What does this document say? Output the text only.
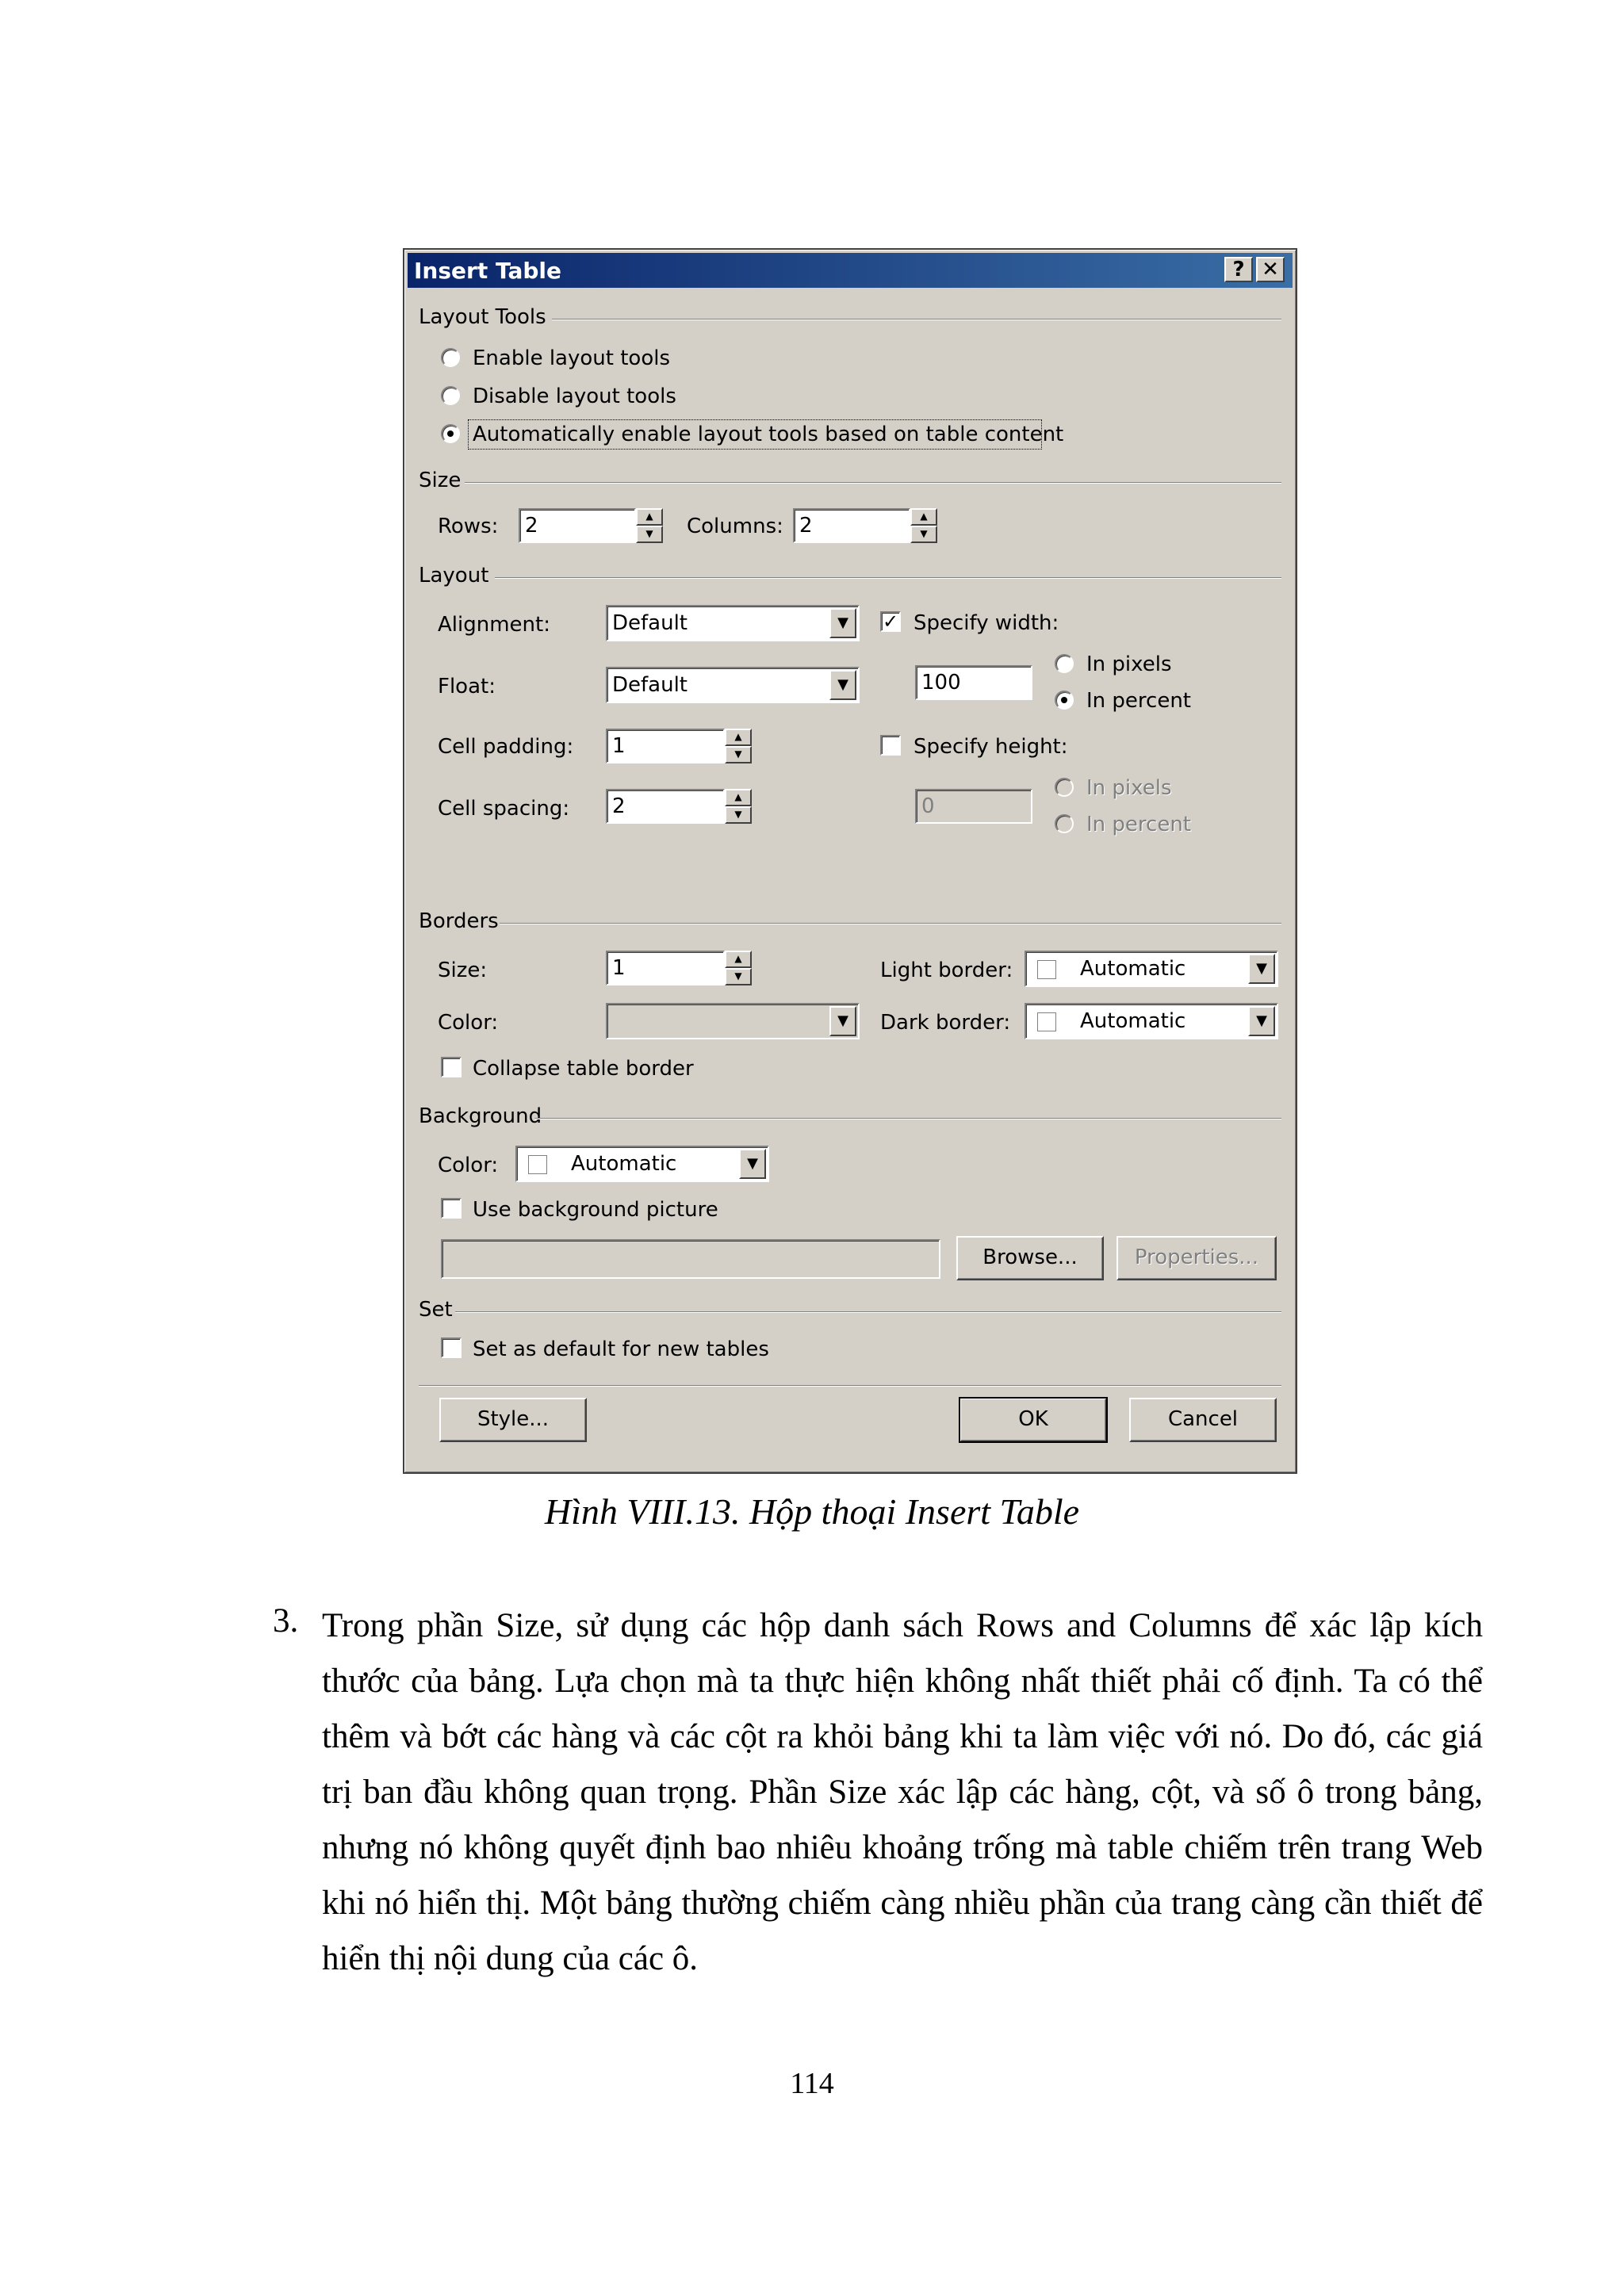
Insert Table	? ✕
Layout Tools
Enable layout tools
Disable layout tools
Automatically enable layout tools based on table content
Size
Rows:	2	▲
▼	Columns: 2	▲
▼
Layout
Alignment:	Default	▼
Float:	Default	▼
Cell padding:	1	▲
▼
Cell spacing:	2	▲
▼
✓ Specify width:
100
In pixels
In percent
Specify height:
0
In pixels
In percent
Borders
Size:	1	▲
▼
Color:	▼
Light border:	Automatic	▼
Dark border:	Automatic	▼
Collapse table border
Background
Color:	Automatic	▼
Use background picture
Browse...	Properties...
Set
Set as default for new tables
Style...	OK	Cancel
Hình VIII.13. Hộp thoại Insert Table
3. Trong phần Size, sử dụng các hộp danh sách Rows and Columns để xác lập kích thước của bảng. Lựa chọn mà ta thực hiện không nhất thiết phải cố định. Ta có thể thêm và bớt các hàng và các cột ra khỏi bảng khi ta làm việc với nó. Do đó, các giá trị ban đầu không quan trọng. Phần Size xác lập các hàng, cột, và số ô trong bảng, nhưng nó không quyết định bao nhiêu khoảng trống mà table chiếm trên trang Web khi nó hiển thị. Một bảng thường chiếm càng nhiều phần của trang càng cần thiết để hiển thị nội dung của các ô.
114
